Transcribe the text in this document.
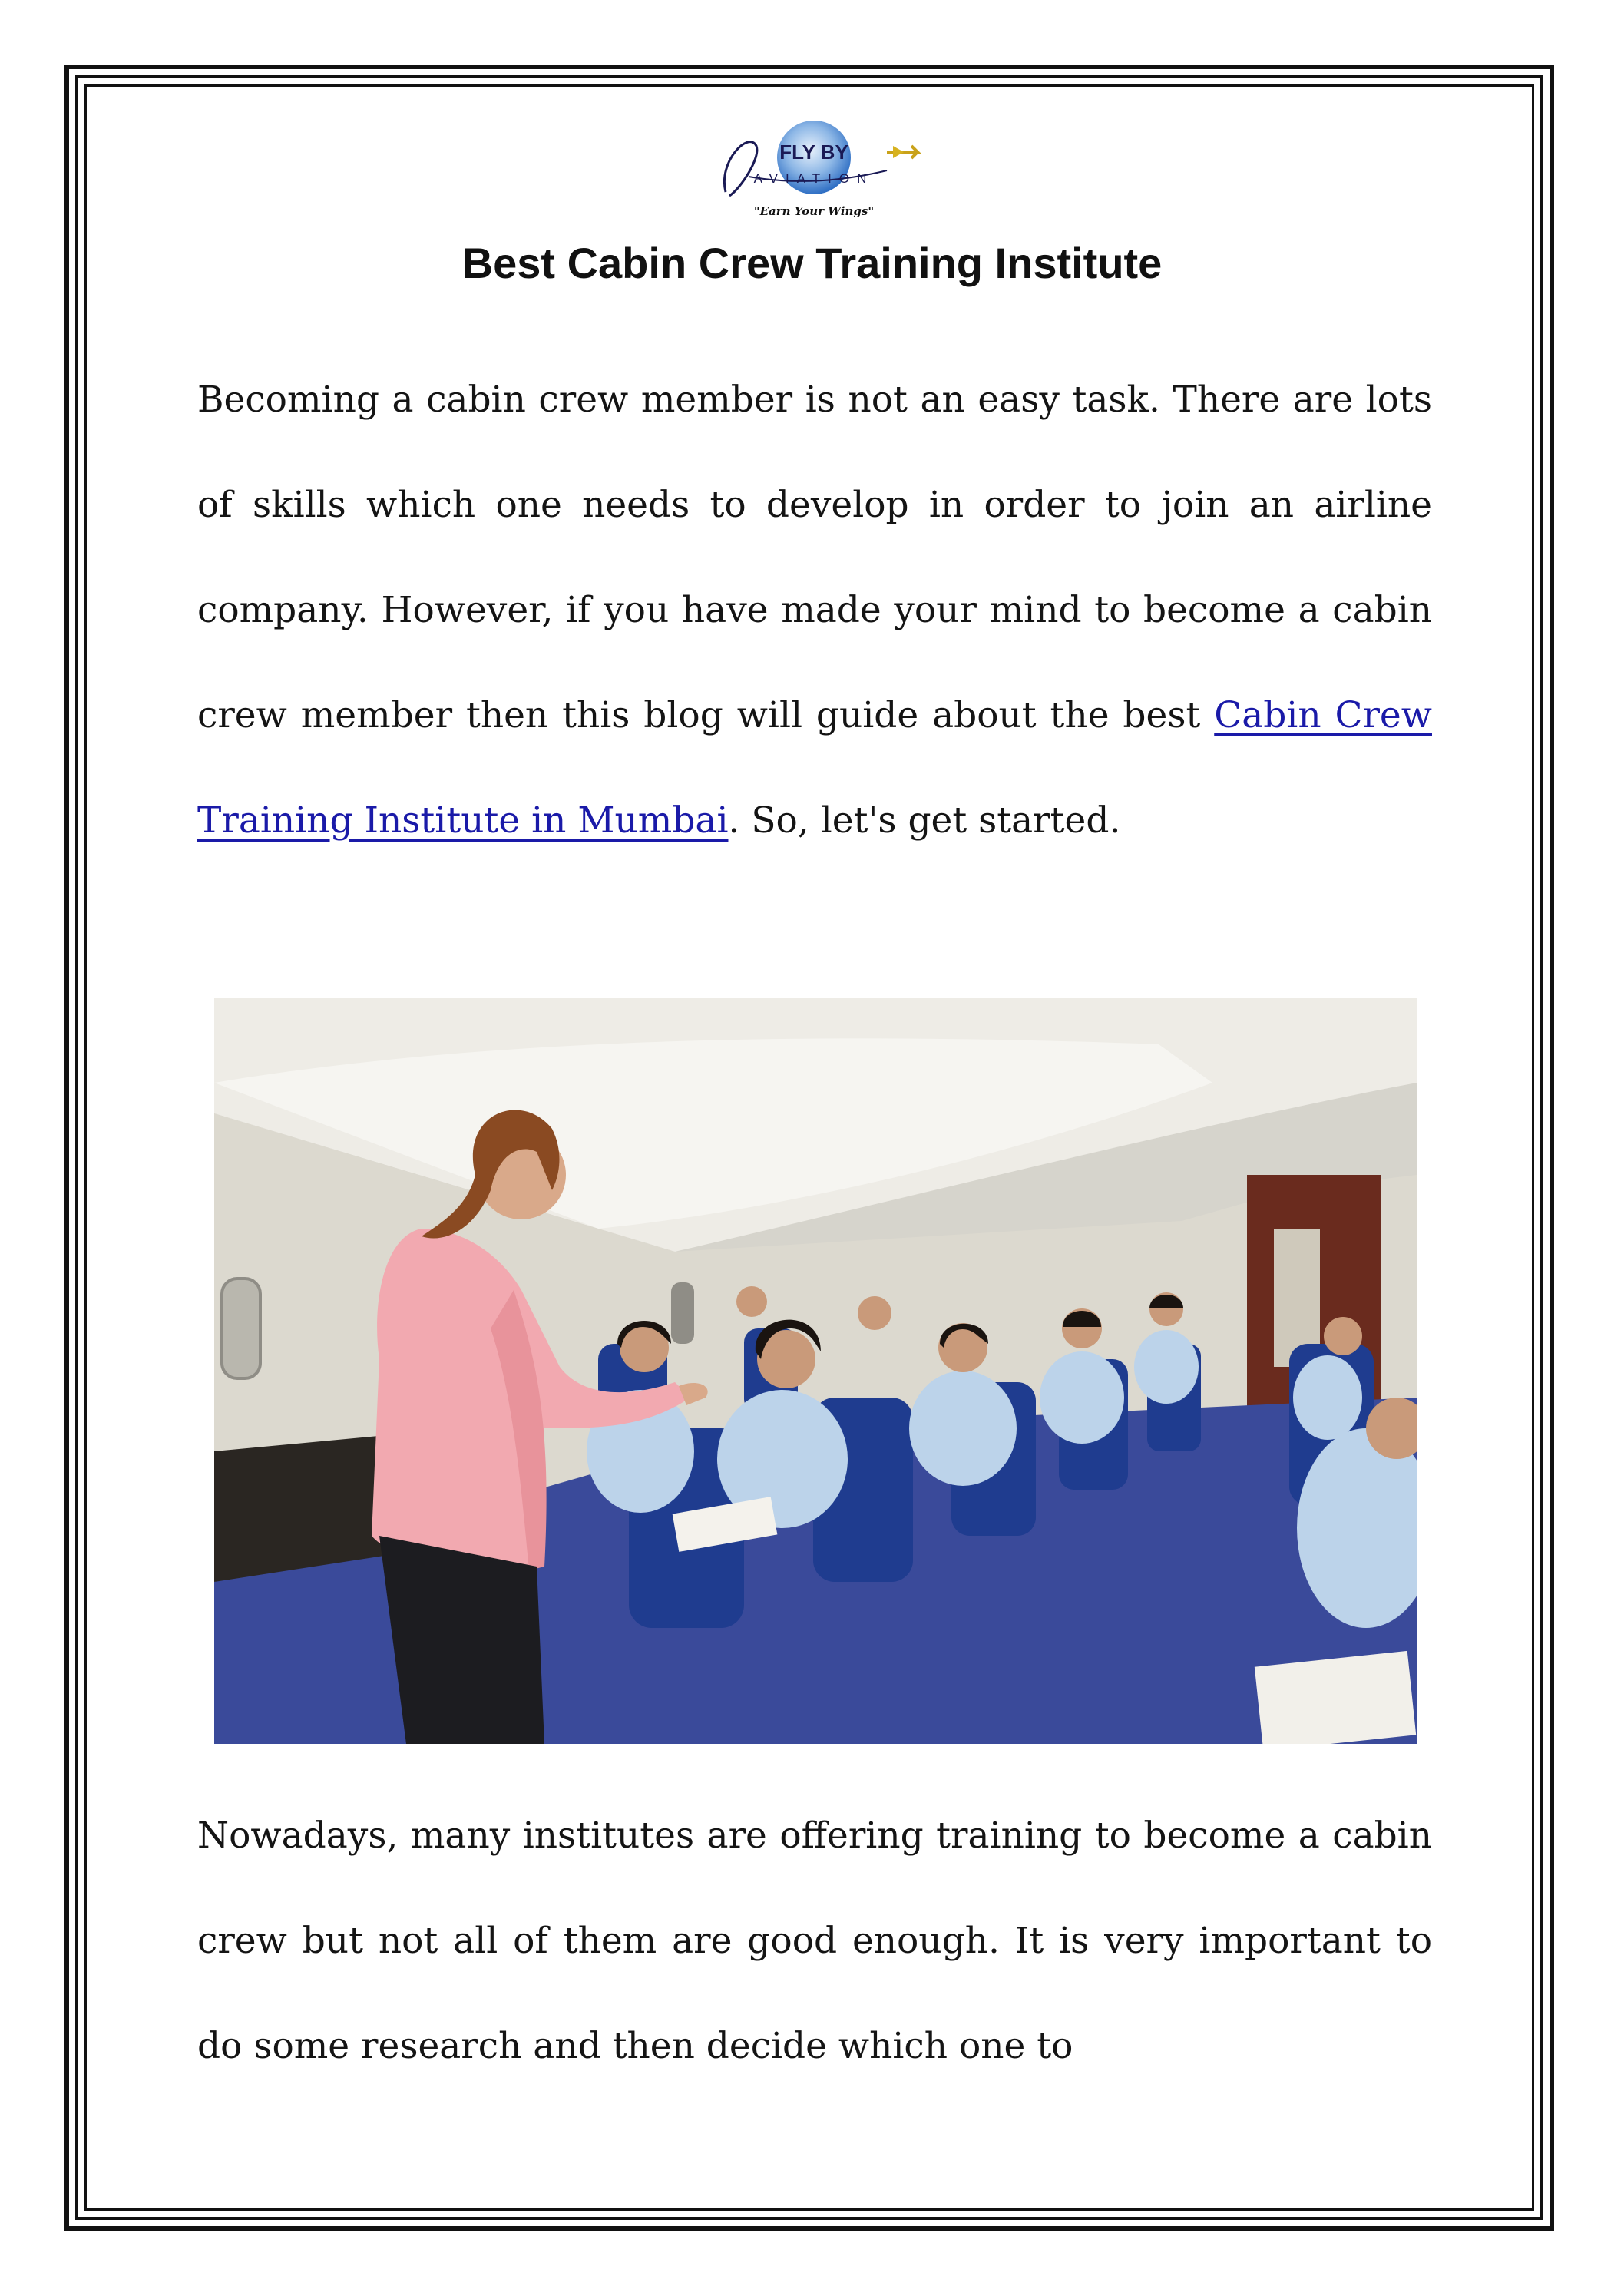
FLY BY
AVIATION
"Earn Your Wings"
Best Cabin Crew Training Institute

Becoming a cabin crew member is not an easy task. There are lots of skills which one needs to develop in order to join an airline company. However, if you have made your mind to become a cabin crew member then this blog will guide about the best Cabin Crew Training Institute in Mumbai. So, let's get started.

Nowadays, many institutes are offering training to become a cabin crew but not all of them are good enough. It is very important to do some research and then decide which one to
